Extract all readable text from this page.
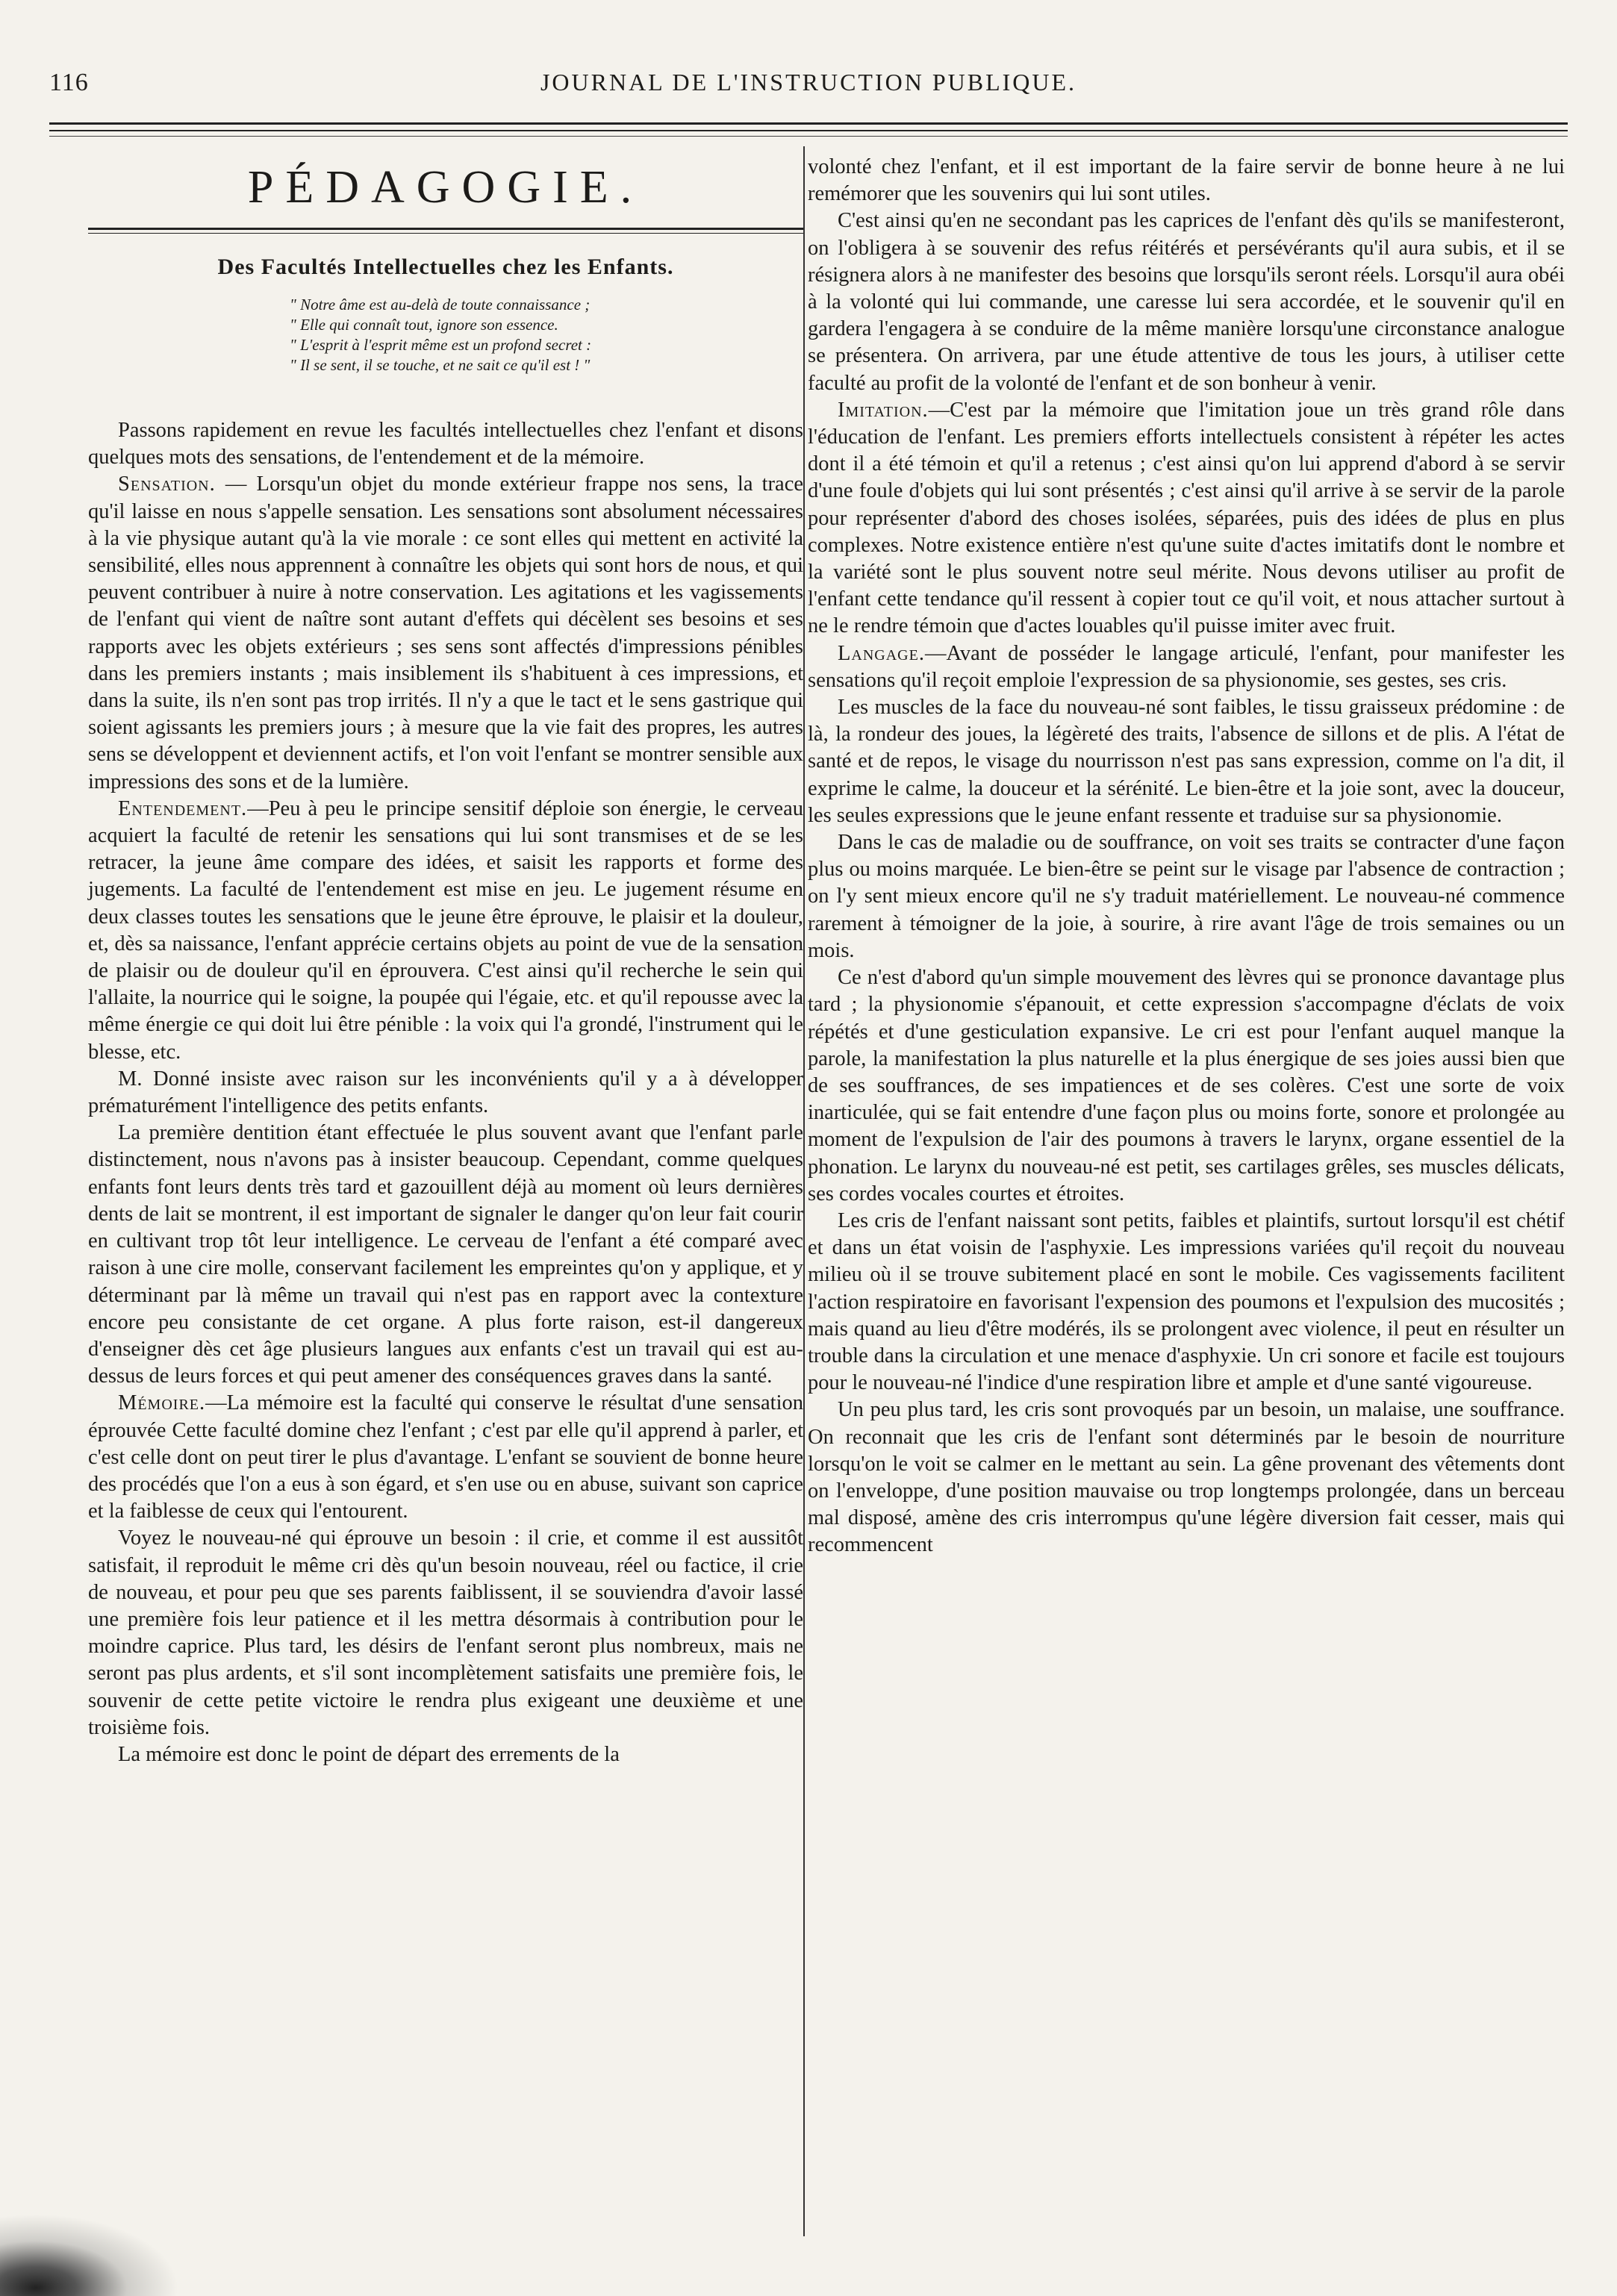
116	JOURNAL DE L'INSTRUCTION PUBLIQUE.
PÉDAGOGIE.
Des Facultés Intellectuelles chez les Enfants.
" Notre âme est au-delà de toute connaissance ;
" Elle qui connaît tout, ignore son essence.
" L'esprit à l'esprit même est un profond secret :
" Il se sent, il se touche, et ne sait ce qu'il est ! "

Passons rapidement en revue les facultés intellectuelles chez l'enfant et disons quelques mots des sensations, de l'entendement et de la mémoire.

Sensation. — Lorsqu'un objet du monde extérieur frappe nos sens, la trace qu'il laisse en nous s'appelle sensation. Les sensations sont absolument nécessaires à la vie physique autant qu'à la vie morale : ce sont elles qui mettent en activité la sensibilité, elles nous apprennent à connaître les objets qui sont hors de nous, et qui peuvent contribuer à nuire à notre conservation. Les agitations et les vagissements de l'enfant qui vient de naître sont autant d'effets qui décèlent ses besoins et ses rapports avec les objets extérieurs ; ses sens sont affectés d'impressions pénibles dans les premiers instants ; mais insiblement ils s'habituent à ces impressions, et dans la suite, ils n'en sont pas trop irrités. Il n'y a que le tact et le sens gastrique qui soient agissants les premiers jours ; à mesure que la vie fait des propres, les autres sens se développent et deviennent actifs, et l'on voit l'enfant se montrer sensible aux impressions des sons et de la lumière.

Entendement.—Peu à peu le principe sensitif déploie son énergie, le cerveau acquiert la faculté de retenir les sensations qui lui sont transmises et de se les retracer, la jeune âme compare des idées, et saisit les rapports et forme des jugements. La faculté de l'entendement est mise en jeu. Le jugement résume en deux classes toutes les sensations que le jeune être éprouve, le plaisir et la douleur, et, dès sa naissance, l'enfant apprécie certains objets au point de vue de la sensation de plaisir ou de douleur qu'il en éprouvera. C'est ainsi qu'il recherche le sein qui l'allaite, la nourrice qui le soigne, la poupée qui l'égaie, etc. et qu'il repousse avec la même énergie ce qui doit lui être pénible : la voix qui l'a grondé, l'instrument qui le blesse, etc.

M. Donné insiste avec raison sur les inconvénients qu'il y a à développer prématurément l'intelligence des petits enfants.

La première dentition étant effectuée le plus souvent avant que l'enfant parle distinctement, nous n'avons pas à insister beaucoup. Cependant, comme quelques enfants font leurs dents très tard et gazouillent déjà au moment où leurs dernières dents de lait se montrent, il est important de signaler le danger qu'on leur fait courir en cultivant trop tôt leur intelligence. Le cerveau de l'enfant a été comparé avec raison à une cire molle, conservant facilement les empreintes qu'on y applique, et y déterminant par là même un travail qui n'est pas en rapport avec la contexture encore peu consistante de cet organe. A plus forte raison, est-il dangereux d'enseigner dès cet âge plusieurs langues aux enfants c'est un travail qui est au-dessus de leurs forces et qui peut amener des conséquences graves dans la santé.

Mémoire.—La mémoire est la faculté qui conserve le résultat d'une sensation éprouvée Cette faculté domine chez l'enfant ; c'est par elle qu'il apprend à parler, et c'est celle dont on peut tirer le plus d'avantage. L'enfant se souvient de bonne heure des procédés que l'on a eus à son égard, et s'en use ou en abuse, suivant son caprice et la faiblesse de ceux qui l'entourent.

Voyez le nouveau-né qui éprouve un besoin : il crie, et comme il est aussitôt satisfait, il reproduit le même cri dès qu'un besoin nouveau, réel ou factice, il crie de nouveau, et pour peu que ses parents faiblissent, il se souviendra d'avoir lassé une première fois leur patience et il les mettra désormais à contribution pour le moindre caprice. Plus tard, les désirs de l'enfant seront plus nombreux, mais ne seront pas plus ardents, et s'il sont incomplètement satisfaits une première fois, le souvenir de cette petite victoire le rendra plus exigeant une deuxième et une troisième fois.

La mémoire est donc le point de départ des errements de la

volonté chez l'enfant, et il est important de la faire servir de bonne heure à ne lui remémorer que les souvenirs qui lui sont utiles.

C'est ainsi qu'en ne secondant pas les caprices de l'enfant dès qu'ils se manifesteront, on l'obligera à se souvenir des refus réitérés et persévérants qu'il aura subis, et il se résignera alors à ne manifester des besoins que lorsqu'ils seront réels. Lorsqu'il aura obéi à la volonté qui lui commande, une caresse lui sera accordée, et le souvenir qu'il en gardera l'engagera à se conduire de la même manière lorsqu'une circonstance analogue se présentera. On arrivera, par une étude attentive de tous les jours, à utiliser cette faculté au profit de la volonté de l'enfant et de son bonheur à venir.

Imitation.—C'est par la mémoire que l'imitation joue un très grand rôle dans l'éducation de l'enfant. Les premiers efforts intellectuels consistent à répéter les actes dont il a été témoin et qu'il a retenus ; c'est ainsi qu'on lui apprend d'abord à se servir d'une foule d'objets qui lui sont présentés ; c'est ainsi qu'il arrive à se servir de la parole pour représenter d'abord des choses isolées, séparées, puis des idées de plus en plus complexes. Notre existence entière n'est qu'une suite d'actes imitatifs dont le nombre et la variété sont le plus souvent notre seul mérite. Nous devons utiliser au profit de l'enfant cette tendance qu'il ressent à copier tout ce qu'il voit, et nous attacher surtout à ne le rendre témoin que d'actes louables qu'il puisse imiter avec fruit.

Langage.—Avant de posséder le langage articulé, l'enfant, pour manifester les sensations qu'il reçoit emploie l'expression de sa physionomie, ses gestes, ses cris.

Les muscles de la face du nouveau-né sont faibles, le tissu graisseux prédomine : de là, la rondeur des joues, la légèreté des traits, l'absence de sillons et de plis. A l'état de santé et de repos, le visage du nourrisson n'est pas sans expression, comme on l'a dit, il exprime le calme, la douceur et la sérénité. Le bien-être et la joie sont, avec la douceur, les seules expressions que le jeune enfant ressente et traduise sur sa physionomie.

Dans le cas de maladie ou de souffrance, on voit ses traits se contracter d'une façon plus ou moins marquée. Le bien-être se peint sur le visage par l'absence de contraction ; on l'y sent mieux encore qu'il ne s'y traduit matériellement. Le nouveau-né commence rarement à témoigner de la joie, à sourire, à rire avant l'âge de trois semaines ou un mois.

Ce n'est d'abord qu'un simple mouvement des lèvres qui se prononce davantage plus tard ; la physionomie s'épanouit, et cette expression s'accompagne d'éclats de voix répétés et d'une gesticulation expansive. Le cri est pour l'enfant auquel manque la parole, la manifestation la plus naturelle et la plus énergique de ses joies aussi bien que de ses souffrances, de ses impatiences et de ses colères. C'est une sorte de voix inarticulée, qui se fait entendre d'une façon plus ou moins forte, sonore et prolongée au moment de l'expulsion de l'air des poumons à travers le larynx, organe essentiel de la phonation. Le larynx du nouveau-né est petit, ses cartilages grêles, ses muscles délicats, ses cordes vocales courtes et étroites.

Les cris de l'enfant naissant sont petits, faibles et plaintifs, surtout lorsqu'il est chétif et dans un état voisin de l'asphyxie. Les impressions variées qu'il reçoit du nouveau milieu où il se trouve subitement placé en sont le mobile. Ces vagissements facilitent l'action respiratoire en favorisant l'expension des poumons et l'expulsion des mucosités ; mais quand au lieu d'être modérés, ils se prolongent avec violence, il peut en résulter un trouble dans la circulation et une menace d'asphyxie. Un cri sonore et facile est toujours pour le nouveau-né l'indice d'une respiration libre et ample et d'une santé vigoureuse.

Un peu plus tard, les cris sont provoqués par un besoin, un malaise, une souffrance. On reconnait que les cris de l'enfant sont déterminés par le besoin de nourriture lorsqu'on le voit se calmer en le mettant au sein. La gêne provenant des vêtements dont on l'enveloppe, d'une position mauvaise ou trop longtemps prolongée, dans un berceau mal disposé, amène des cris interrompus qu'une légère diversion fait cesser, mais qui recommencent
